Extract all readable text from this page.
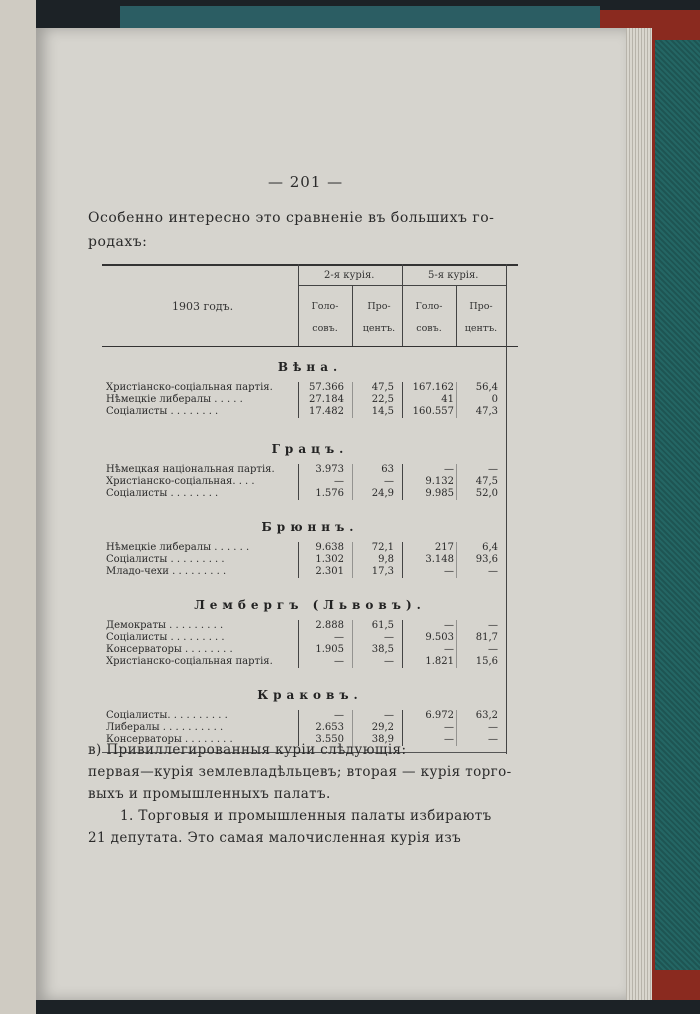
— 201 —
Особенно интересно это сравненіе въ большихъ го-
родахъ:
1903 годъ.
2-я курія.	5-я курія.
Голо-
совъ.
Про-
центъ.
Голо-
совъ.
Про-
центъ.
Вѣна.
Христіанско-соціальная партія.	57.366	47,5	167.162	56,4
Нѣмецкіе либералы . . . . .	27.184	22,5	41	0
Соціалисты . . . . . . . .	17.482	14,5	160.557	47,3
Грацъ.
Нѣмецкая національная партія.	3.973	63	—	—
Христіанско-соціальная. . . .	—	—	9.132	47,5
Соціалисты . . . . . . . .	1.576	24,9	9.985	52,0
Брюннъ.
Нѣмецкіе либералы . . . . . .	9.638	72,1	217	6,4
Соціалисты . . . . . . . . .	1.302	9,8	3.148	93,6
Младо-чехи . . . . . . . . .	2.301	17,3	—	—
Лембергъ (Львовъ).
Демократы . . . . . . . . .	2.888	61,5	—	—
Соціалисты . . . . . . . . .	—	—	9.503	81,7
Консерваторы . . . . . . . .	1.905	38,5	—	—
Христіанско-соціальная партія.	—	—	1.821	15,6
Краковъ.
Соціалисты. . . . . . . . . .	—	—	6.972	63,2
Либералы . . . . . . . . . .	2.653	29,2	—	—
Консерваторы . . . . . . . .	3.550	38,9	—	—
в) Привиллегированныя куріи слѣдующія:
первая—курія землевладѣльцевъ; вторая — курія торго-
выхъ и промышленныхъ палатъ.
1. Торговыя и промышленныя палаты избираютъ
21 депутата. Это самая малочисленная курія изъ
